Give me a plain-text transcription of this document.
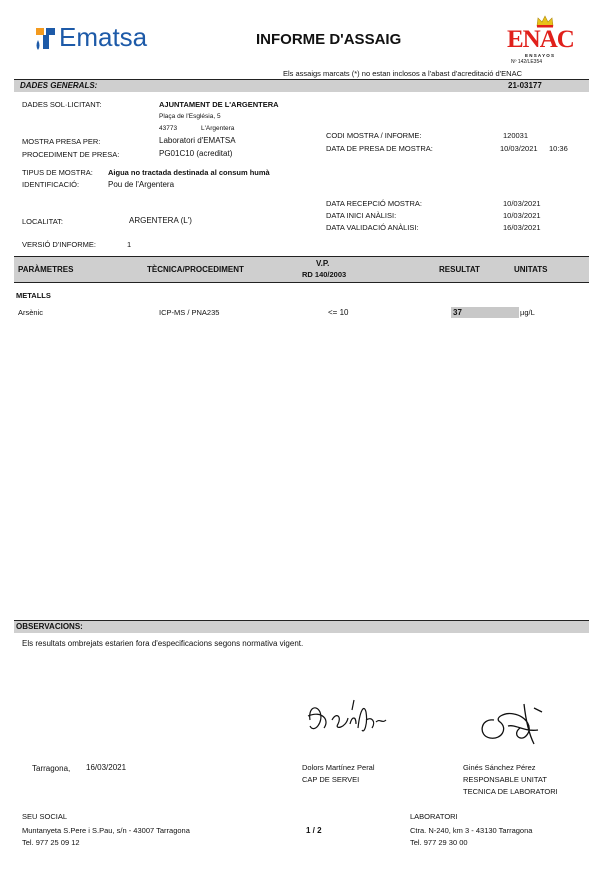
Ematsa	INFORME D'ASSAIG	ENAC
E N S A Y O S
Nº 142/LE354
Els assaigs marcats (*) no estan inclosos a l'abast d'acreditació d'ENAC
DADES GENERALS:	21-03177
DADES SOL·LICITANT:	AJUNTAMENT DE L'ARGENTERA
Plaça de l'Església, 5
43773	L'Argentera
CODI MOSTRA / INFORME:	120031
MOSTRA PRESA PER:	Laboratori d'EMATSA
DATA DE PRESA DE MOSTRA:	10/03/2021 10:36
PROCEDIMENT DE PRESA:	PG01C10 (acreditat)
TIPUS DE MOSTRA: Aigua no tractada destinada al consum humà
IDENTIFICACIÓ:	Pou de l'Argentera
DATA RECEPCIÓ MOSTRA:	10/03/2021
DATA INICI ANÀLISI:	10/03/2021
LOCALITAT:	ARGENTERA (L')
DATA VALIDACIÓ ANÀLISI:	16/03/2021
VERSIÓ D'INFORME:	1
PARÀMETRES	TÈCNICA/PROCEDIMENT
V.P.
RD 140/2003
RESULTAT	UNITATS
METALLS
Arsènic	ICP-MS / PNA235	<= 10	37	µg/L
OBSERVACIONS:
Els resultats ombrejats estarien fora d'especificacions segons normativa vigent.
Tarragona, 16/03/2021	Dolors Martínez Peral
CAP DE SERVEI
Ginés Sánchez Pérez
RESPONSABLE UNITAT
TECNICA DE LABORATORI
SEU SOCIAL
Muntanyeta S.Pere i S.Pau, s/n - 43007 Tarragona
Tel. 977 25 09 12
1 / 2
LABORATORI
Ctra. N-240, km 3 - 43130 Tarragona
Tel. 977 29 30 00
